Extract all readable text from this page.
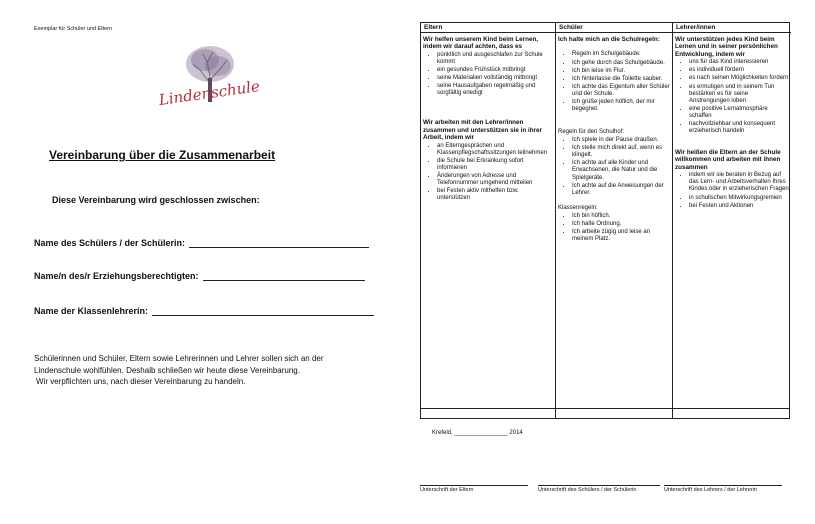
Exemplar für Schüler und Eltern
Lindenschule
Vereinbarung über die Zusammenarbeit
Diese Vereinbarung wird geschlossen zwischen:
Name des Schülers / der Schülerin:
Name/n des/r Erziehungsberechtigten:
Name der Klassenlehrerin:
Schülerinnen und Schüler, Eltern sowie Lehrerinnen und Lehrer sollen sich an der
Lindenschule wohlfühlen. Deshalb schließen wir heute diese Vereinbarung.
Wir verpflichten uns, nach dieser Vereinbarung zu handeln.
Eltern
Wir helfen unserem Kind beim Lernen, indem wir darauf achten, dass es
• pünktlich und ausgeschlafen zur Schule kommt
• ein gesundes Frühstück mitbringt
• seine Materialien vollständig mitbringt
• seine Hausaufgaben regelmäßig und sorgfältig erledigt
Wir arbeiten mit den Lehrer/innen zusammen und unterstützen sie in ihrer Arbeit, indem wir
• an Elterngesprächen und Klassenpflegschaftssitzungen teilnehmen
• die Schule bei Erkrankung sofort informieren
• Änderungen von Adresse und Telefonnummer umgehend mitteilen
• bei Festen aktiv mithelfen bzw. unterstützen
Schüler
Ich halte mich an die Schulregeln:
• Regeln im Schulgebäude:
• Ich gehe durch das Schulgebäude.
• Ich bin leise im Flur.
• Ich hinterlasse die Toilette sauber.
• Ich achte das Eigentum aller Schüler und der Schule.
• Ich grüße jeden höflich, der mir begegnet.
Regeln für den Schulhof:
• Ich spiele in der Pause draußen.
• Ich stelle mich direkt auf, wenn es klingelt.
• Ich achte auf alle Kinder und Erwachsenen, die Natur und die Spielgeräte.
• Ich achte auf die Anweisungen der Lehrer.
Klassenregeln:
• Ich bin höflich.
• Ich halte Ordnung.
• Ich arbeite zügig und leise an meinem Platz.
Lehrer/innen
Wir unterstützen jedes Kind beim Lernen und in seiner persönlichen Entwicklung, indem wir
• uns für das Kind interessieren
• es individuell fördern
• es nach seinen Möglichkeiten fordern
• es ermutigen und in seinem Tun bestärken es für seine Anstrengungen loben
• eine positive Lernatmosphäre schaffen
• nachvollziehbar und konsequent erzieherisch handeln
Wir heißen die Eltern an der Schule willkommen und arbeiten mit ihnen zusammen
• indem wir sie beraten in Bezug auf das Lern- und Arbeitsverhalten Ihres Kindes oder in erzieherischen Fragen
• in schulischen Mitwirkungsgremien
• bei Festen und Aktionen
Krefeld, ________________ 2014
Unterschrift der Eltern	Unterschrift des Schülers / der Schülerin	Unterschrift des Lehrers / der Lehrerin
